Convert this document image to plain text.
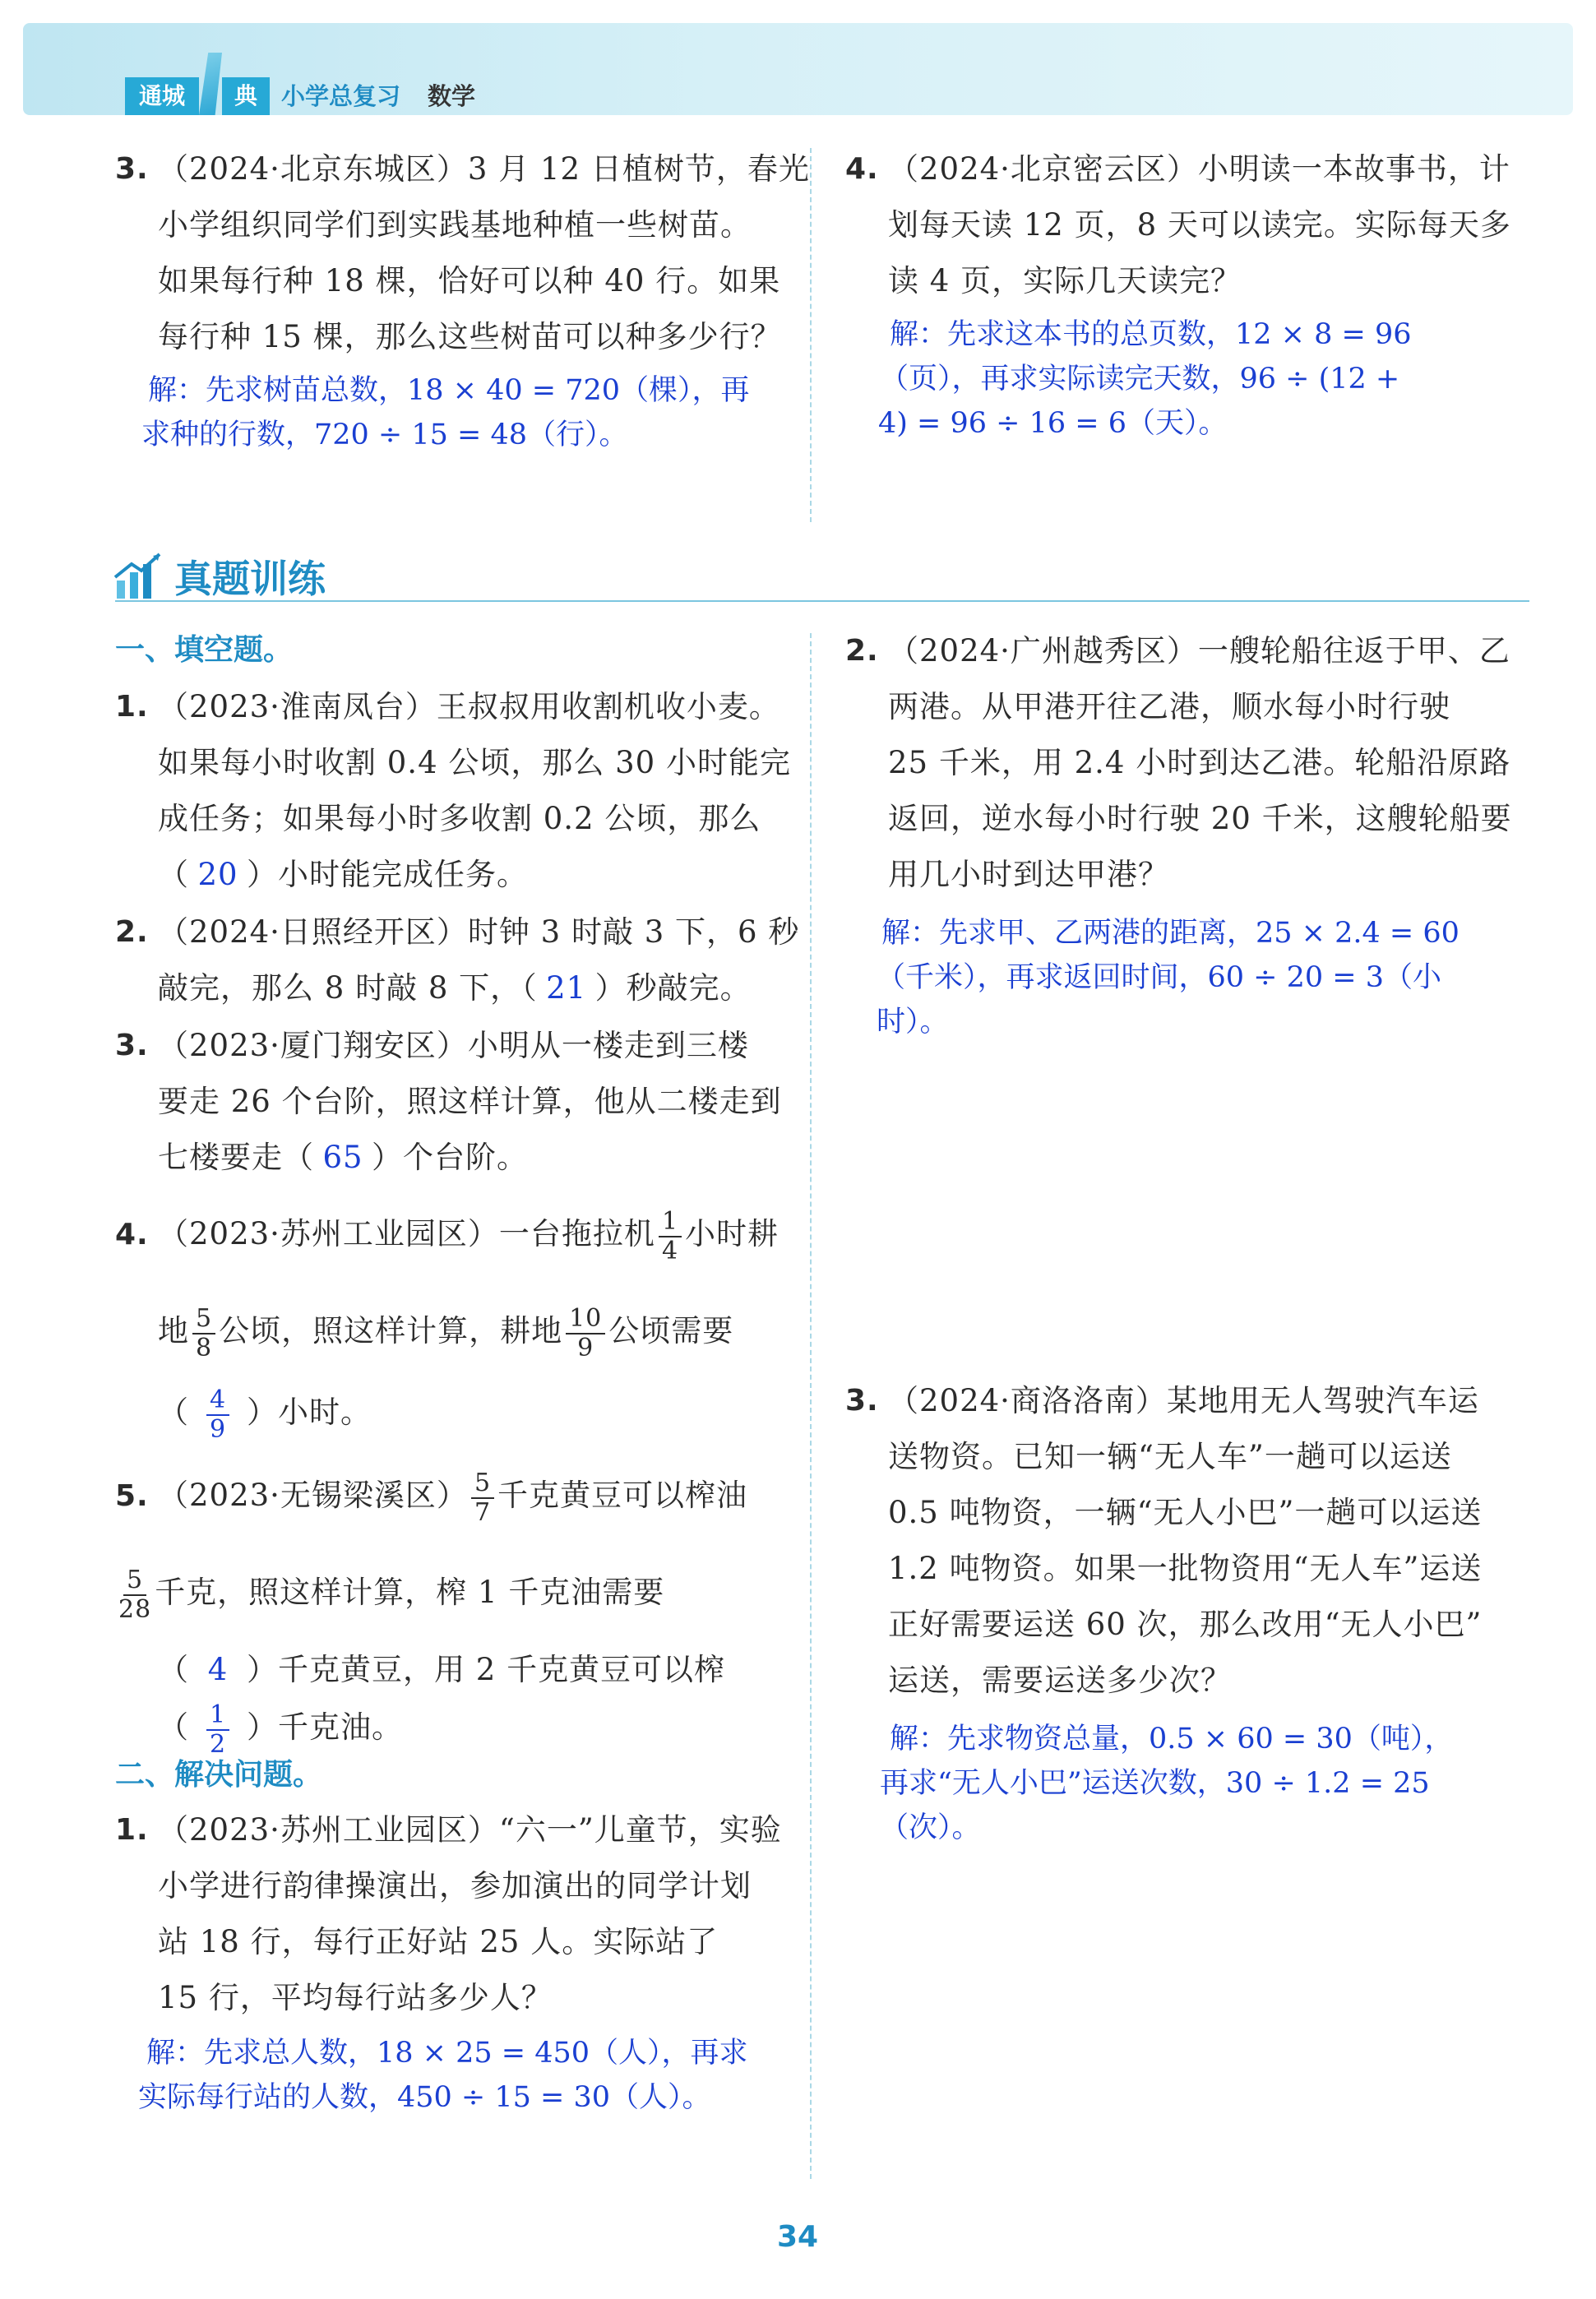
通城	典	小学总复习 数学
3. （2024·北京东城区）3 月 12 日植树节，春光
小学组织同学们到实践基地种植一些树苗。
如果每行种 18 棵，恰好可以种 40 行。如果
每行种 15 棵，那么这些树苗可以种多少行？
解：先求树苗总数，18 × 40 = 720（棵），再
求种的行数，720 ÷ 15 = 48（行）。
4. （2024·北京密云区）小明读一本故事书，计
划每天读 12 页，8 天可以读完。实际每天多
读 4 页，实际几天读完？
解：先求这本书的总页数，12 × 8 = 96
（页），再求实际读完天数，96 ÷ (12 +
4) = 96 ÷ 16 = 6（天）。
真题训练
一、填空题。
1. （2023·淮南凤台）王叔叔用收割机收小麦。
如果每小时收割 0.4 公顷，那么 30 小时能完
成任务；如果每小时多收割 0.2 公顷，那么
（ 20 ）小时能完成任务。
2. （2024·日照经开区）时钟 3 时敲 3 下，6 秒
敲完，那么 8 时敲 8 下，（ 21 ）秒敲完。
3. （2023·厦门翔安区）小明从一楼走到三楼
要走 26 个台阶，照这样计算，他从二楼走到
七楼要走（ 65 ）个台阶。
4. （2023·苏州工业园区）一台拖拉机 $\frac{1}{4}$ 小时耕
地 $\frac{5}{8}$ 公顷，照这样计算，耕地 $\frac{10}{9}$ 公顷需要
（ $\frac{4}{9}$ ）小时。
5. （2023·无锡梁溪区） $\frac{5}{7}$ 千克黄豆可以榨油
$\frac{5}{28}$ 千克，照这样计算，榨 1 千克油需要
（ 4 ）千克黄豆，用 2 千克黄豆可以榨
（ $\frac{1}{2}$ ）千克油。
二、解决问题。
1. （2023·苏州工业园区）“六一”儿童节，实验
小学进行韵律操演出，参加演出的同学计划
站 18 行，每行正好站 25 人。实际站了
15 行，平均每行站多少人？
解：先求总人数，18 × 25 = 450（人），再求
实际每行站的人数，450 ÷ 15 = 30（人）。
2. （2024·广州越秀区）一艘轮船往返于甲、乙
两港。从甲港开往乙港，顺水每小时行驶
25 千米，用 2.4 小时到达乙港。轮船沿原路
返回，逆水每小时行驶 20 千米，这艘轮船要
用几小时到达甲港？
解：先求甲、乙两港的距离，25 × 2.4 = 60
（千米），再求返回时间，60 ÷ 20 = 3（小
时）。
3. （2024·商洛洛南）某地用无人驾驶汽车运
送物资。已知一辆“无人车”一趟可以运送
0.5 吨物资，一辆“无人小巴”一趟可以运送
1.2 吨物资。如果一批物资用“无人车”运送
正好需要运送 60 次，那么改用“无人小巴”
运送，需要运送多少次？
解：先求物资总量，0.5 × 60 = 30（吨），
再求“无人小巴”运送次数，30 ÷ 1.2 = 25
（次）。
34
